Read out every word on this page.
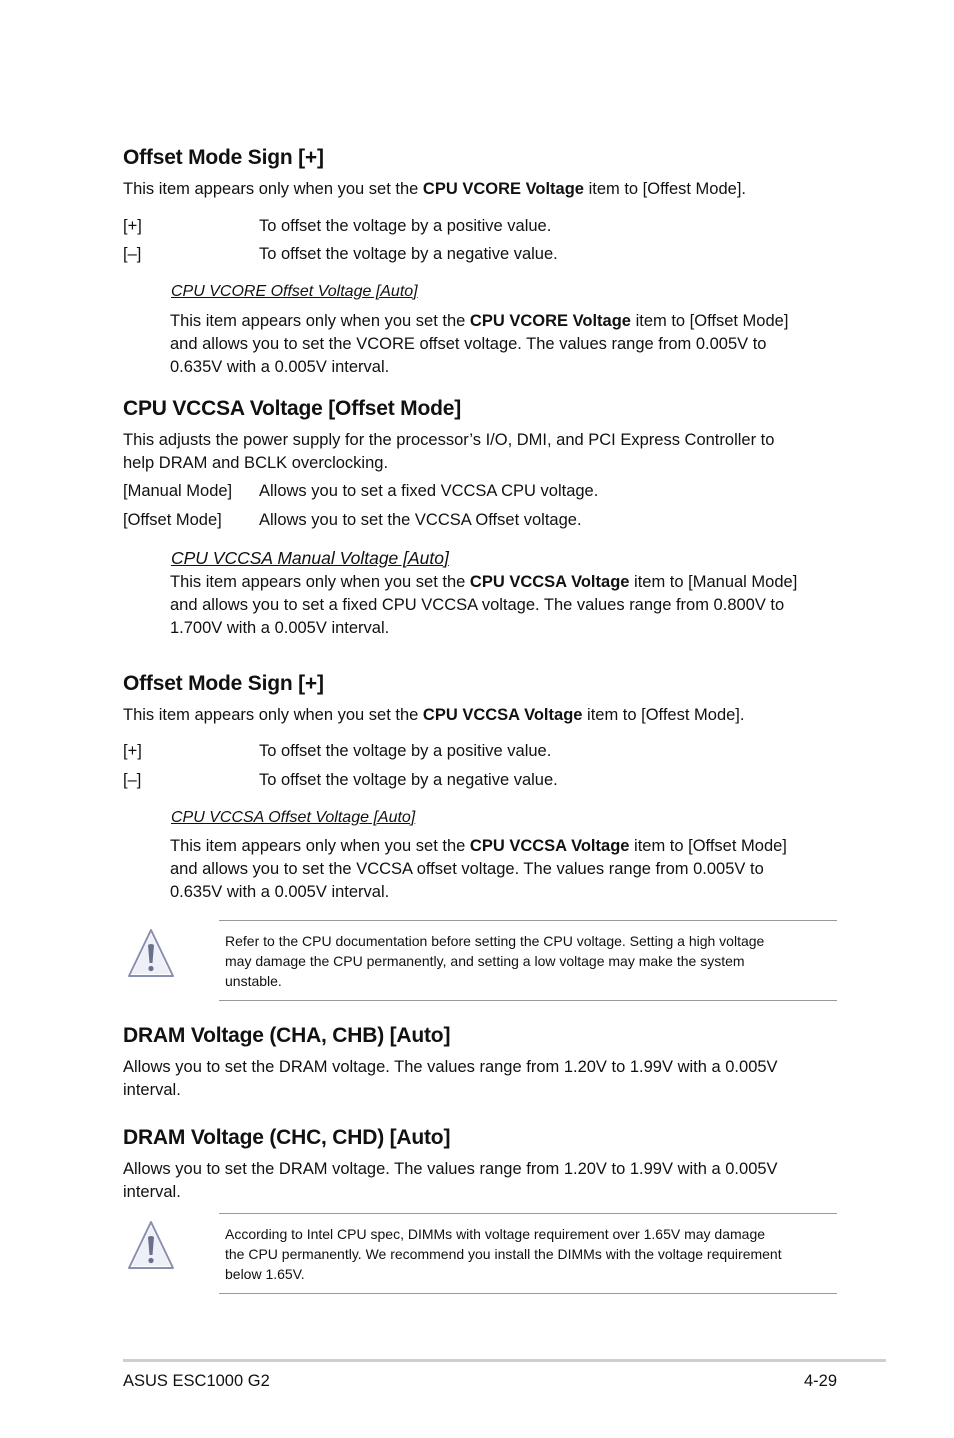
Offset Mode Sign [+]
This item appears only when you set the CPU VCORE Voltage item to [Offest Mode].
[+]	To offset the voltage by a positive value.
[–]	To offset the voltage by a negative value.
CPU VCORE Offset Voltage [Auto]
This item appears only when you set the CPU VCORE Voltage item to [Offset Mode]
and allows you to set the VCORE offset voltage. The values range from 0.005V to
0.635V with a 0.005V interval.
CPU VCCSA Voltage [Offset Mode]
This adjusts the power supply for the processor’s I/O, DMI, and PCI Express Controller to
help DRAM and BCLK overclocking.
[Manual Mode] Allows you to set a fixed VCCSA CPU voltage.
[Offset Mode] Allows you to set the VCCSA Offset voltage.
CPU VCCSA Manual Voltage [Auto]
This item appears only when you set the CPU VCCSA Voltage item to [Manual Mode]
and allows you to set a fixed CPU VCCSA voltage. The values range from 0.800V to
1.700V with a 0.005V interval.
Offset Mode Sign [+]
This item appears only when you set the CPU VCCSA Voltage item to [Offest Mode].
[+]	To offset the voltage by a positive value.
[–]	To offset the voltage by a negative value.
CPU VCCSA Offset Voltage [Auto]
This item appears only when you set the CPU VCCSA Voltage item to [Offset Mode]
and allows you to set the VCCSA offset voltage. The values range from 0.005V to
0.635V with a 0.005V interval.
Refer to the CPU documentation before setting the CPU voltage. Setting a high voltage
may damage the CPU permanently, and setting a low voltage may make the system
unstable.
DRAM Voltage (CHA, CHB) [Auto]
Allows you to set the DRAM voltage. The values range from 1.20V to 1.99V with a 0.005V
interval.
DRAM Voltage (CHC, CHD) [Auto]
Allows you to set the DRAM voltage. The values range from 1.20V to 1.99V with a 0.005V
interval.
According to Intel CPU spec, DIMMs with voltage requirement over 1.65V may damage
the CPU permanently. We recommend you install the DIMMs with the voltage requirement
below 1.65V.
ASUS ESC1000 G2	4-29
